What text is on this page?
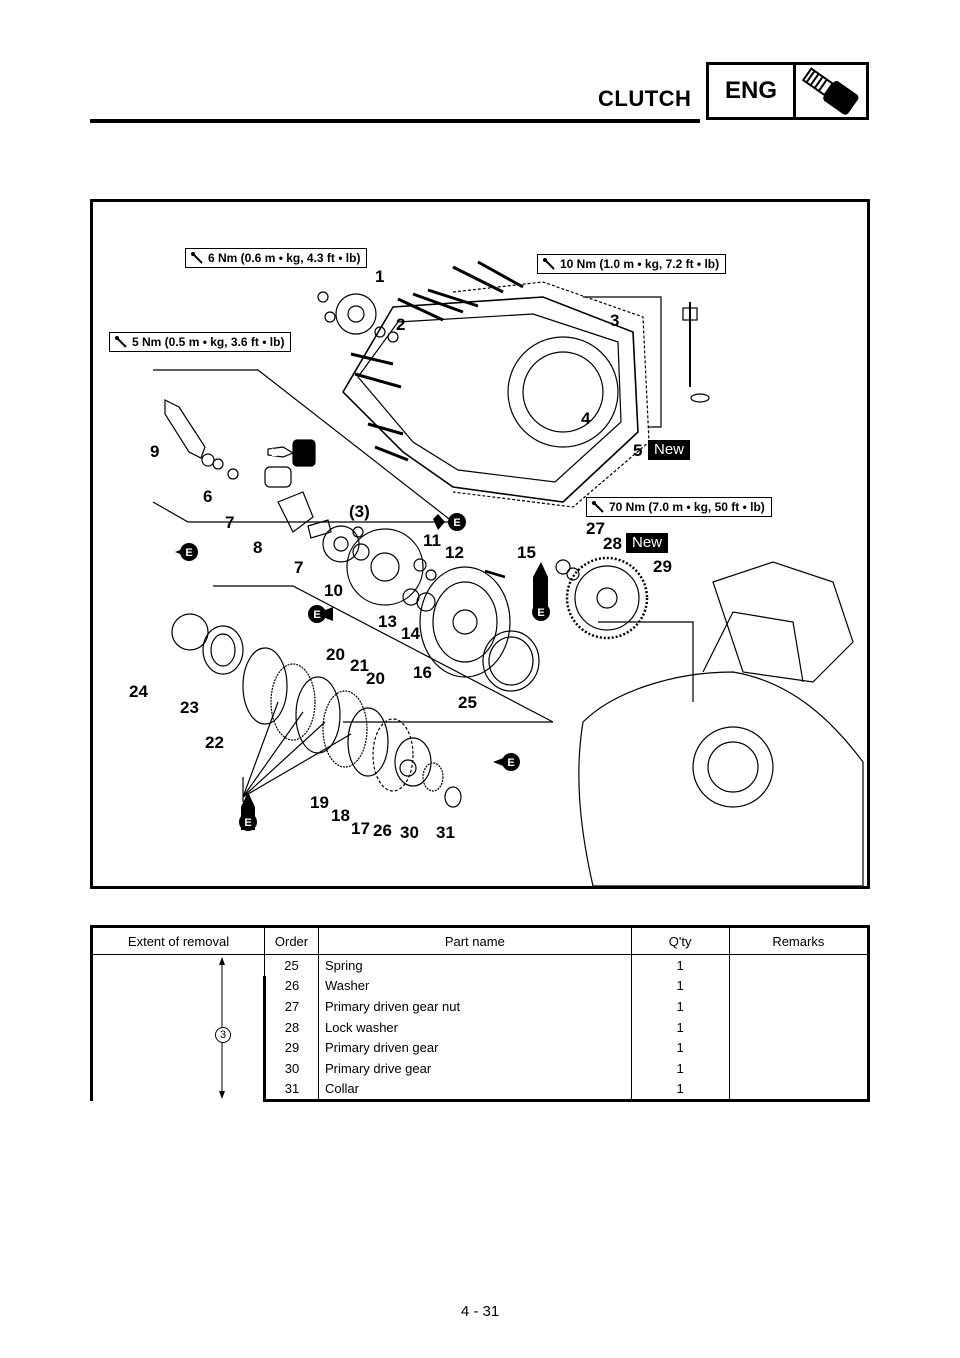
CLUTCH	ENG
E
E
E	E
E
E
LS
6 Nm (0.6 m • kg, 4.3 ft • lb)	10 Nm (1.0 m • kg, 7.2 ft • lb)
5 Nm (0.5 m • kg, 3.6 ft • lb)
70 Nm (7.0 m • kg, 50 ft • lb)
New
New
1
2	3
4
5
6
7
7
8
9
(3)
10
11
12
13
14
15
16
17
18
19
20
20
21
22
23
24
25
26
27
28
29
30 31
Extent of removal	Order	Part name	Q'ty	Remarks

3	25	Spring	1	
	26	Washer	1	
	27	Primary driven gear nut	1	
	28	Lock washer	1	
	29	Primary driven gear	1	
	30	Primary drive gear	1	
	31	Collar	1	
4 - 31
